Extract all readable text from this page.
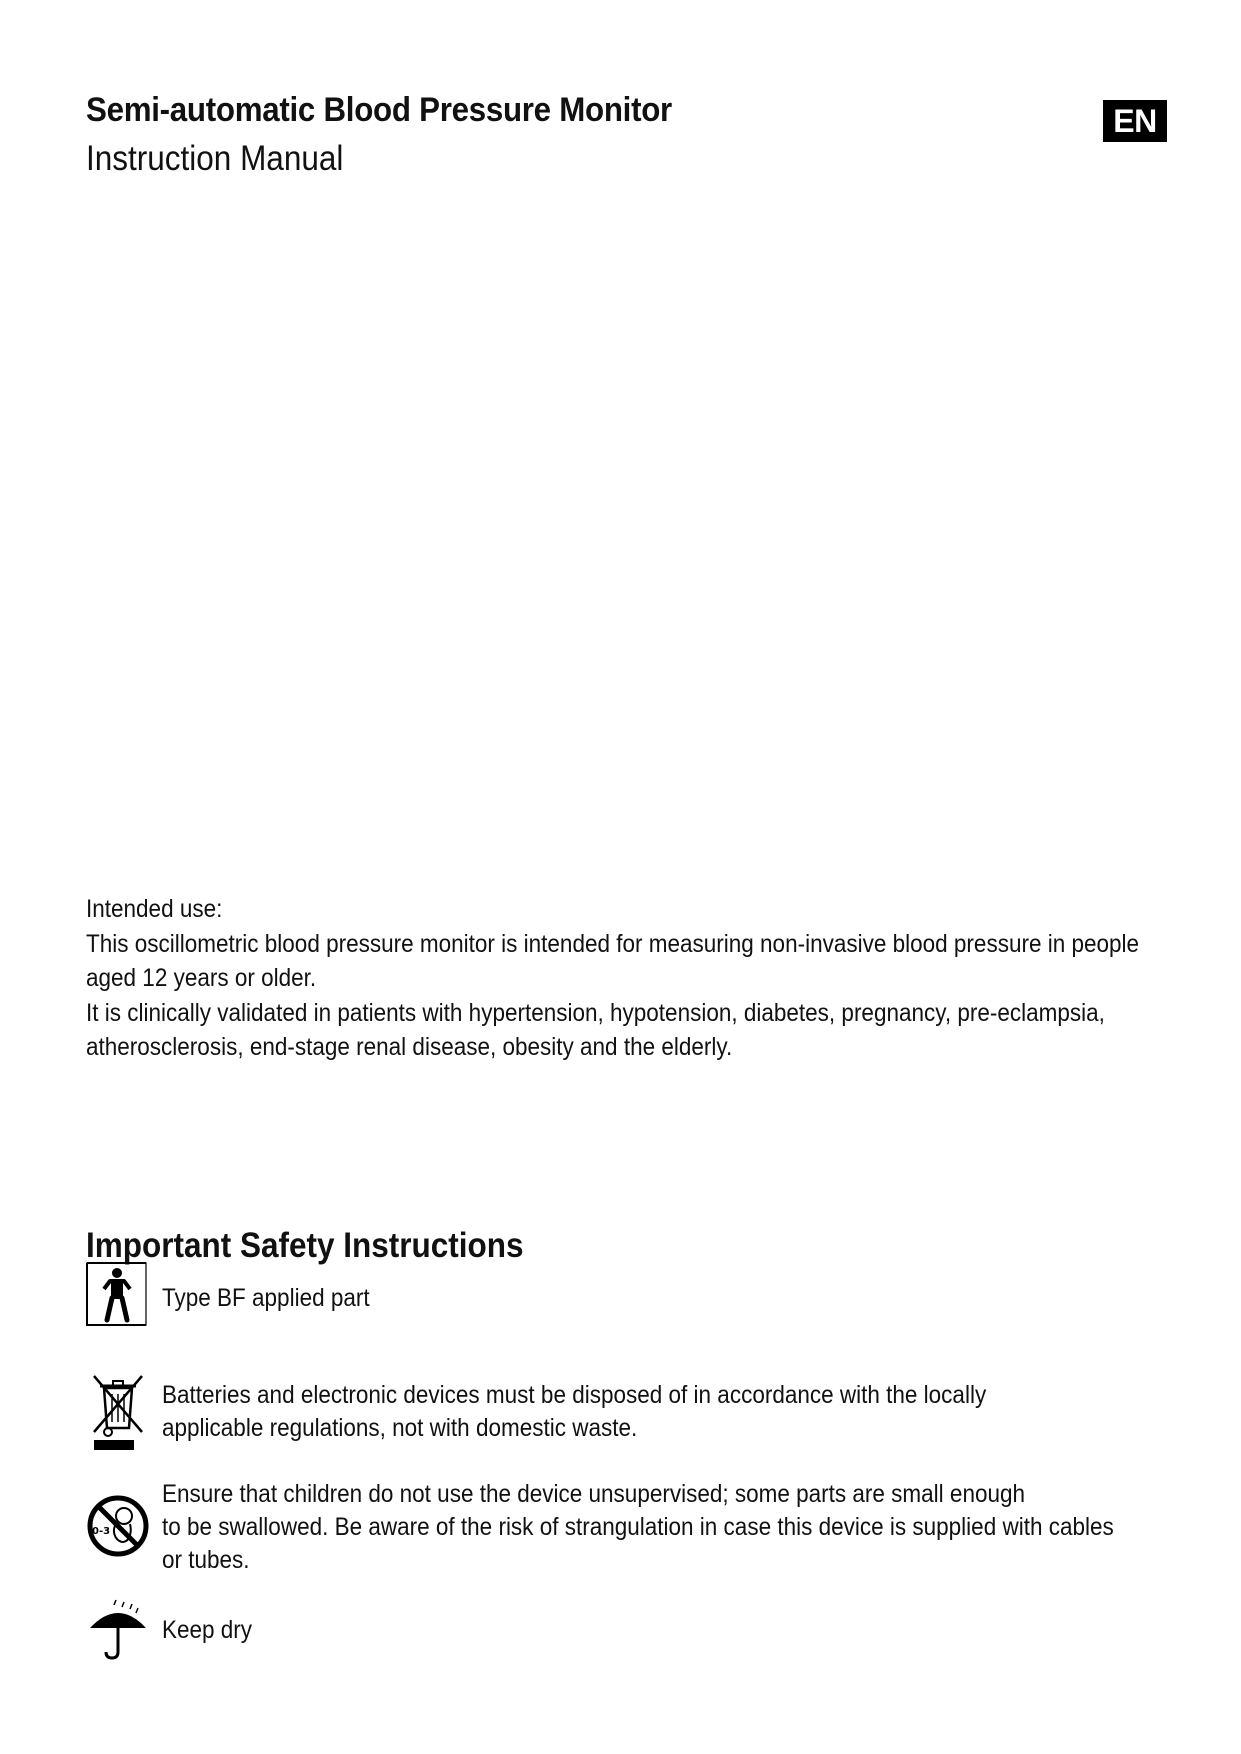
Semi-automatic Blood Pressure Monitor
Instruction Manual
EN

Intended use:

This oscillometric blood pressure monitor is intended for measuring non-invasive blood pressure in people

aged 12 years or older.

It is clinically validated in patients with hypertension, hypotension, diabetes, pregnancy, pre-eclampsia,

atherosclerosis, end-stage renal disease, obesity and the elderly.

Important Safety Instructions
Type BF applied part
Batteries and electronic devices must be disposed of in accordance with the locally
applicable regulations, not with domestic waste.
0-3
Ensure that children do not use the device unsupervised; some parts are small enough
to be swallowed. Be aware of the risk of strangulation in case this device is supplied with cables
or tubes.
Keep dry
